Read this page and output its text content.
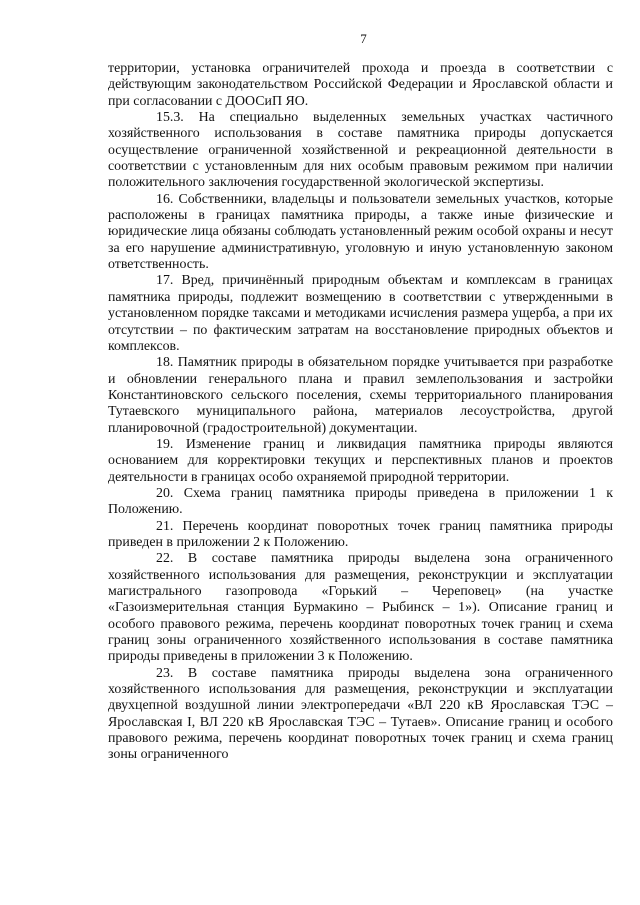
7

территории, установка ограничителей прохода и проезда в соответствии с действующим законодательством Российской Федерации и Ярославской области и при согласовании с ДООСиП ЯО.

15.3. На специально выделенных земельных участках частичного хозяйственного использования в составе памятника природы допускается осуществление ограниченной хозяйственной и рекреационной деятельности в соответствии с установленным для них особым правовым режимом при наличии положительного заключения государственной экологической экспертизы.

16. Собственники, владельцы и пользователи земельных участков, которые расположены в границах памятника природы, а также иные физические и юридические лица обязаны соблюдать установленный режим особой охраны и несут за его нарушение административную, уголовную и иную установленную законом ответственность.

17. Вред, причинённый природным объектам и комплексам в границах памятника природы, подлежит возмещению в соответствии с утвержденными в установленном порядке таксами и методиками исчисления размера ущерба, а при их отсутствии – по фактическим затратам на восстановление природных объектов и комплексов.

18. Памятник природы в обязательном порядке учитывается при разработке и обновлении генерального плана и правил землепользования и застройки Константиновского сельского поселения, схемы территориального планирования Тутаевского муниципального района, материалов лесоустройства, другой планировочной (градостроительной) документации.

19. Изменение границ и ликвидация памятника природы являются основанием для корректировки текущих и перспективных планов и проектов деятельности в границах особо охраняемой природной территории.

20. Схема границ памятника природы приведена в приложении 1 к Положению.

21. Перечень координат поворотных точек границ памятника природы приведен в приложении 2 к Положению.

22. В составе памятника природы выделена зона ограниченного хозяйственного использования для размещения, реконструкции и эксплуатации магистрального газопровода «Горький – Череповец» (на участке «Газоизмерительная станция Бурмакино – Рыбинск – 1»). Описание границ и особого правового режима, перечень координат поворотных точек границ и схема границ зоны ограниченного хозяйственного использования в составе памятника природы приведены в приложении 3 к Положению.

23. В составе памятника природы выделена зона ограниченного хозяйственного использования для размещения, реконструкции и эксплуатации двухцепной воздушной линии электропередачи «ВЛ 220 кВ Ярославская ТЭС – Ярославская I, ВЛ 220 кВ Ярославская ТЭС – Тутаев». Описание границ и особого правового режима, перечень координат поворотных точек границ и схема границ зоны ограниченного
